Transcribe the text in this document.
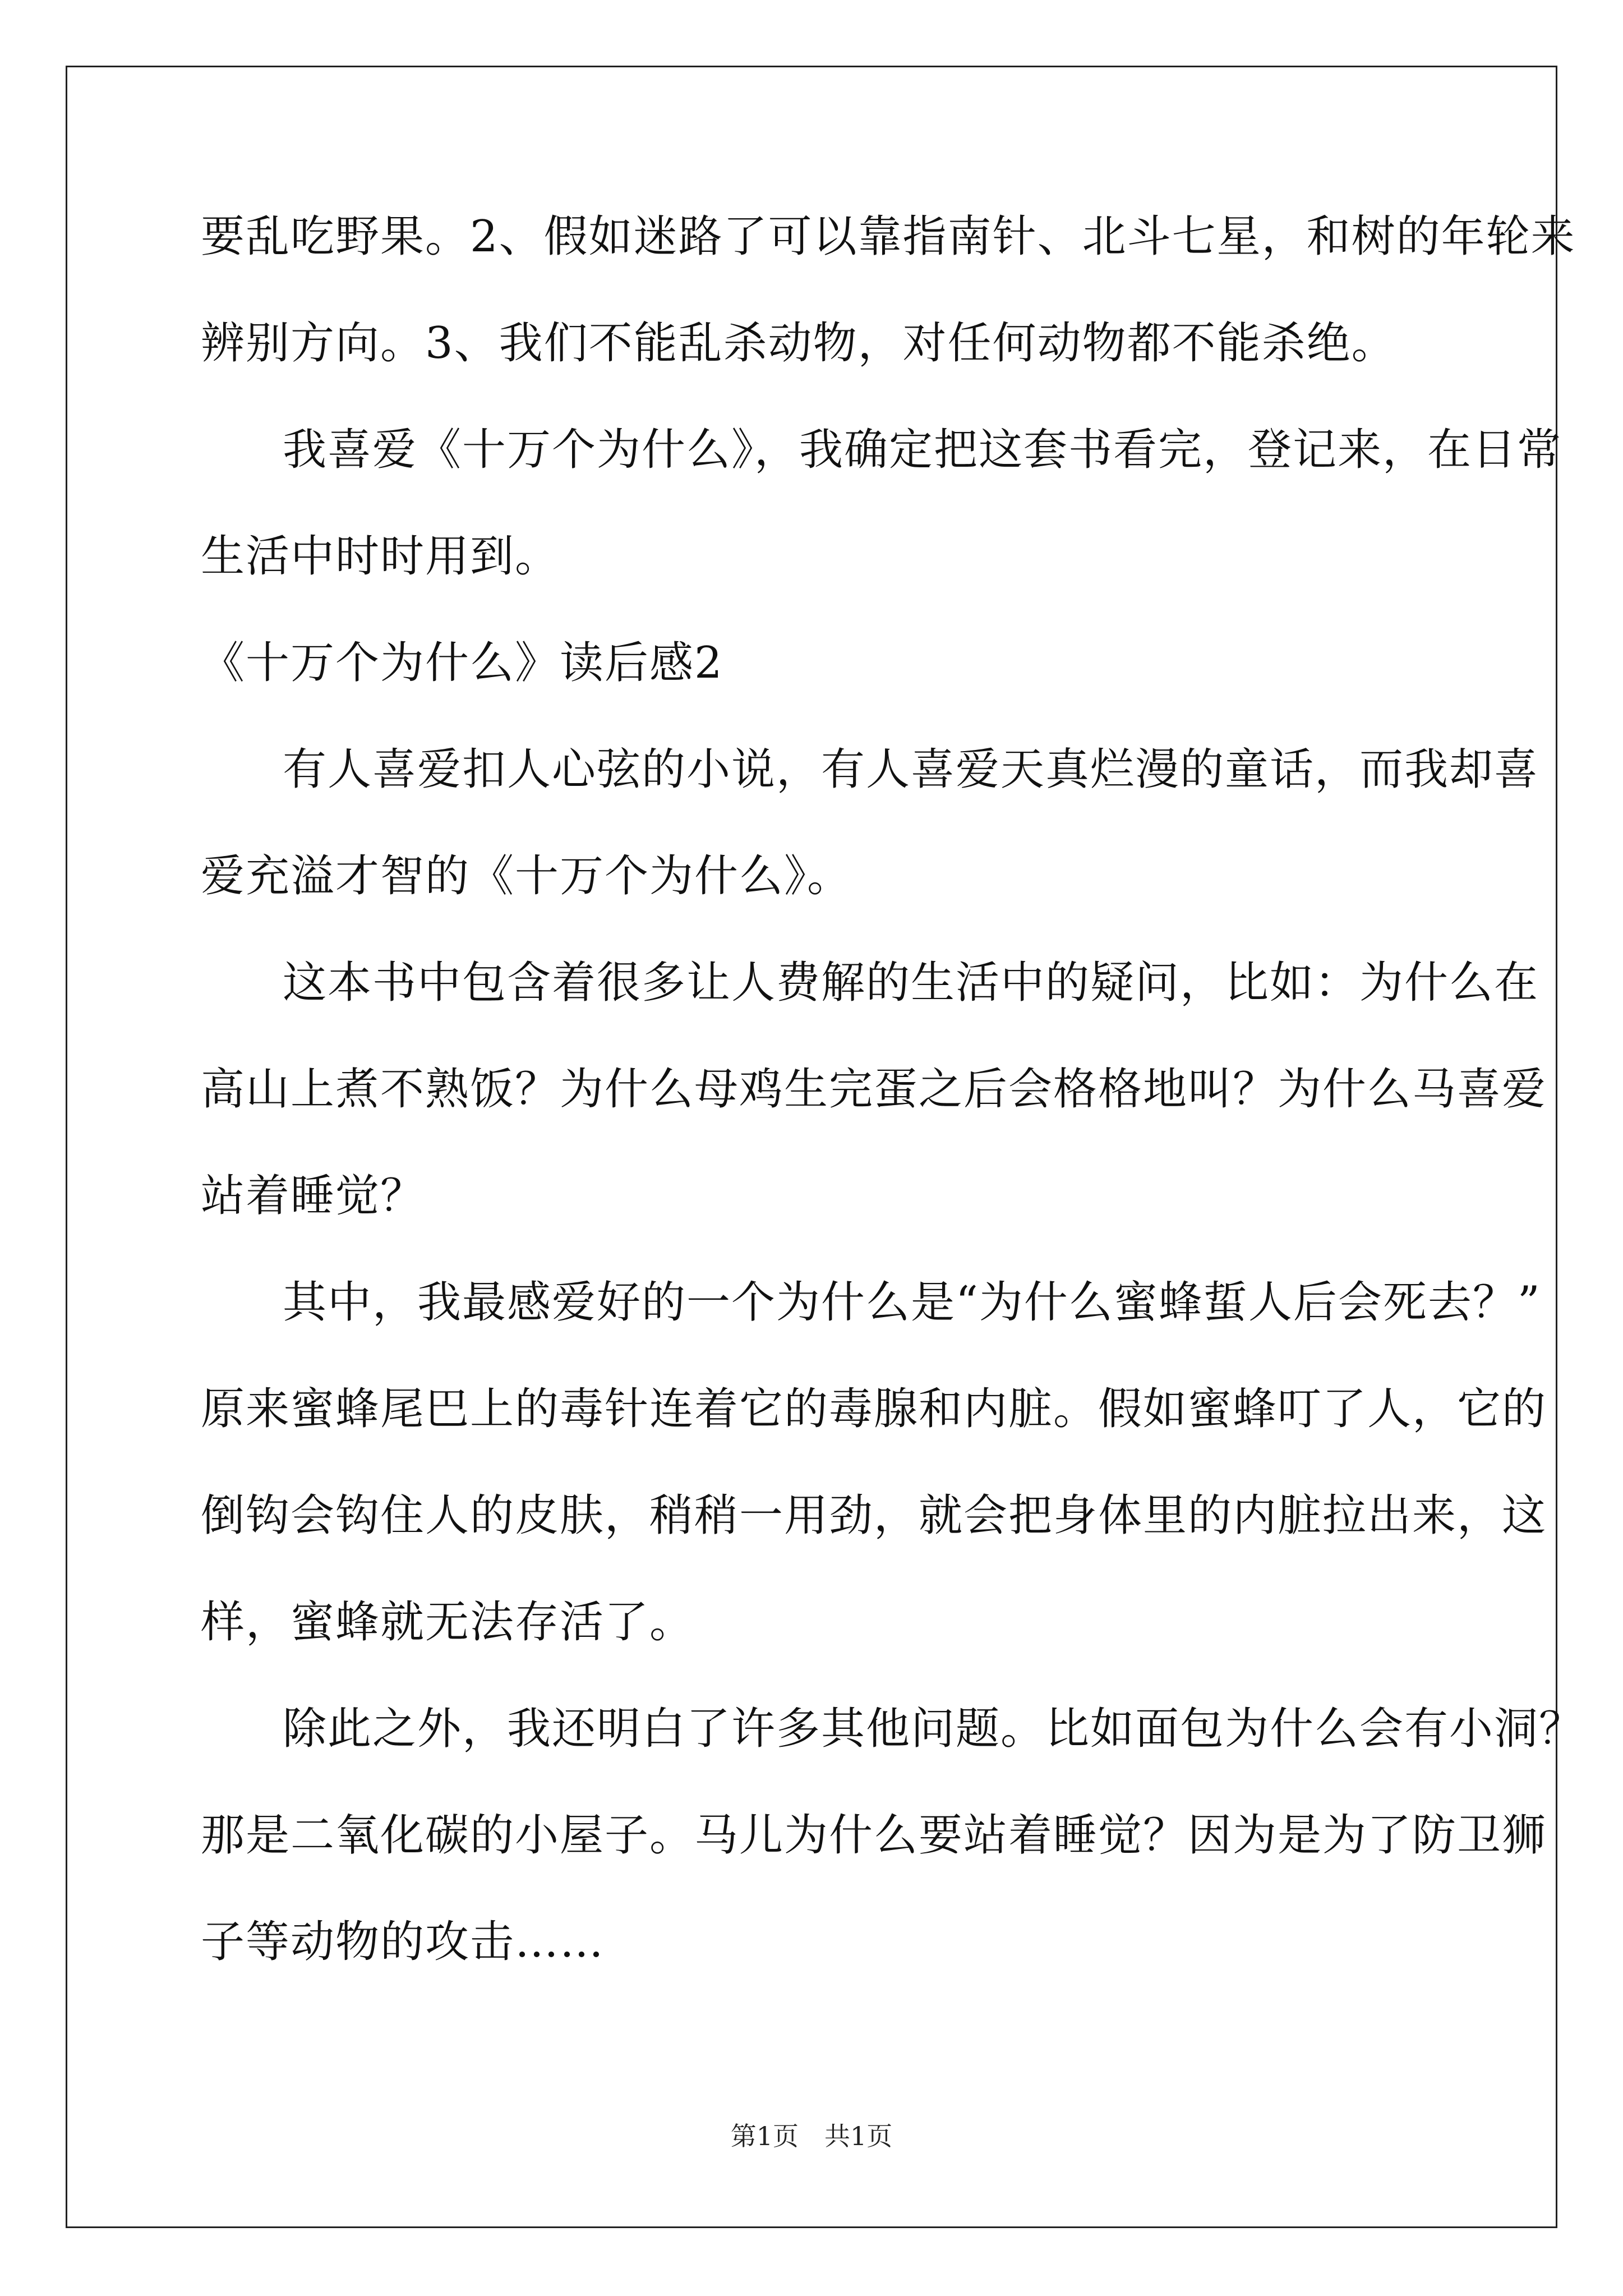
要乱吃野果。2、假如迷路了可以靠指南针、北斗七星，和树的年轮来
辨别方向。3、我们不能乱杀动物，对任何动物都不能杀绝。
我喜爱《十万个为什么》，我确定把这套书看完，登记来，在日常
生活中时时用到。
《十万个为什么》读后感2
有人喜爱扣人心弦的小说，有人喜爱天真烂漫的童话，而我却喜
爱充溢才智的《十万个为什么》。
这本书中包含着很多让人费解的生活中的疑问，比如：为什么在
高山上煮不熟饭？为什么母鸡生完蛋之后会格格地叫？为什么马喜爱
站着睡觉？
其中，我最感爱好的一个为什么是“为什么蜜蜂蜇人后会死去？”
原来蜜蜂尾巴上的毒针连着它的毒腺和内脏。假如蜜蜂叮了人，它的
倒钩会钩住人的皮肤，稍稍一用劲，就会把身体里的内脏拉出来，这
样，蜜蜂就无法存活了。
除此之外，我还明白了许多其他问题。比如面包为什么会有小洞？
那是二氧化碳的小屋子。马儿为什么要站着睡觉？因为是为了防卫狮
子等动物的攻击……
第1页　共1页
